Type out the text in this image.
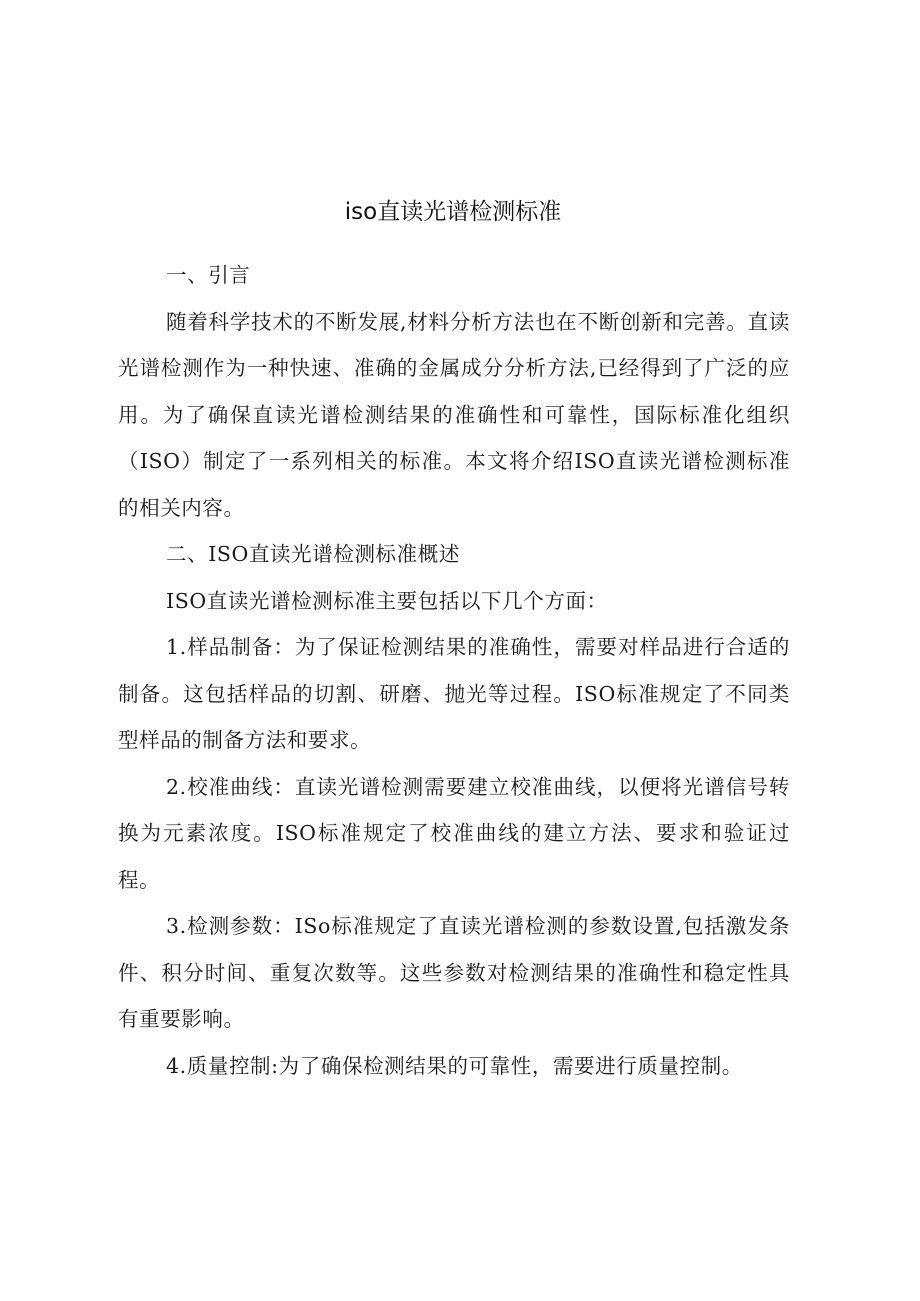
iso直读光谱检测标准

一、引言

随着科学技术的不断发展,材料分析方法也在不断创新和完善。直读光谱检测作为一种快速、准确的金属成分分析方法,已经得到了广泛的应用。为了确保直读光谱检测结果的准确性和可靠性，国际标准化组织（ISO）制定了一系列相关的标准。本文将介绍ISO直读光谱检测标准的相关内容。

二、ISO直读光谱检测标准概述

ISO直读光谱检测标准主要包括以下几个方面：

1.样品制备：为了保证检测结果的准确性，需要对样品进行合适的制备。这包括样品的切割、研磨、抛光等过程。ISO标准规定了不同类型样品的制备方法和要求。

2.校准曲线：直读光谱检测需要建立校准曲线，以便将光谱信号转换为元素浓度。ISO标准规定了校准曲线的建立方法、要求和验证过程。

3.检测参数：ISo标准规定了直读光谱检测的参数设置,包括激发条件、积分时间、重复次数等。这些参数对检测结果的准确性和稳定性具有重要影响。

4.质量控制:为了确保检测结果的可靠性，需要进行质量控制。
